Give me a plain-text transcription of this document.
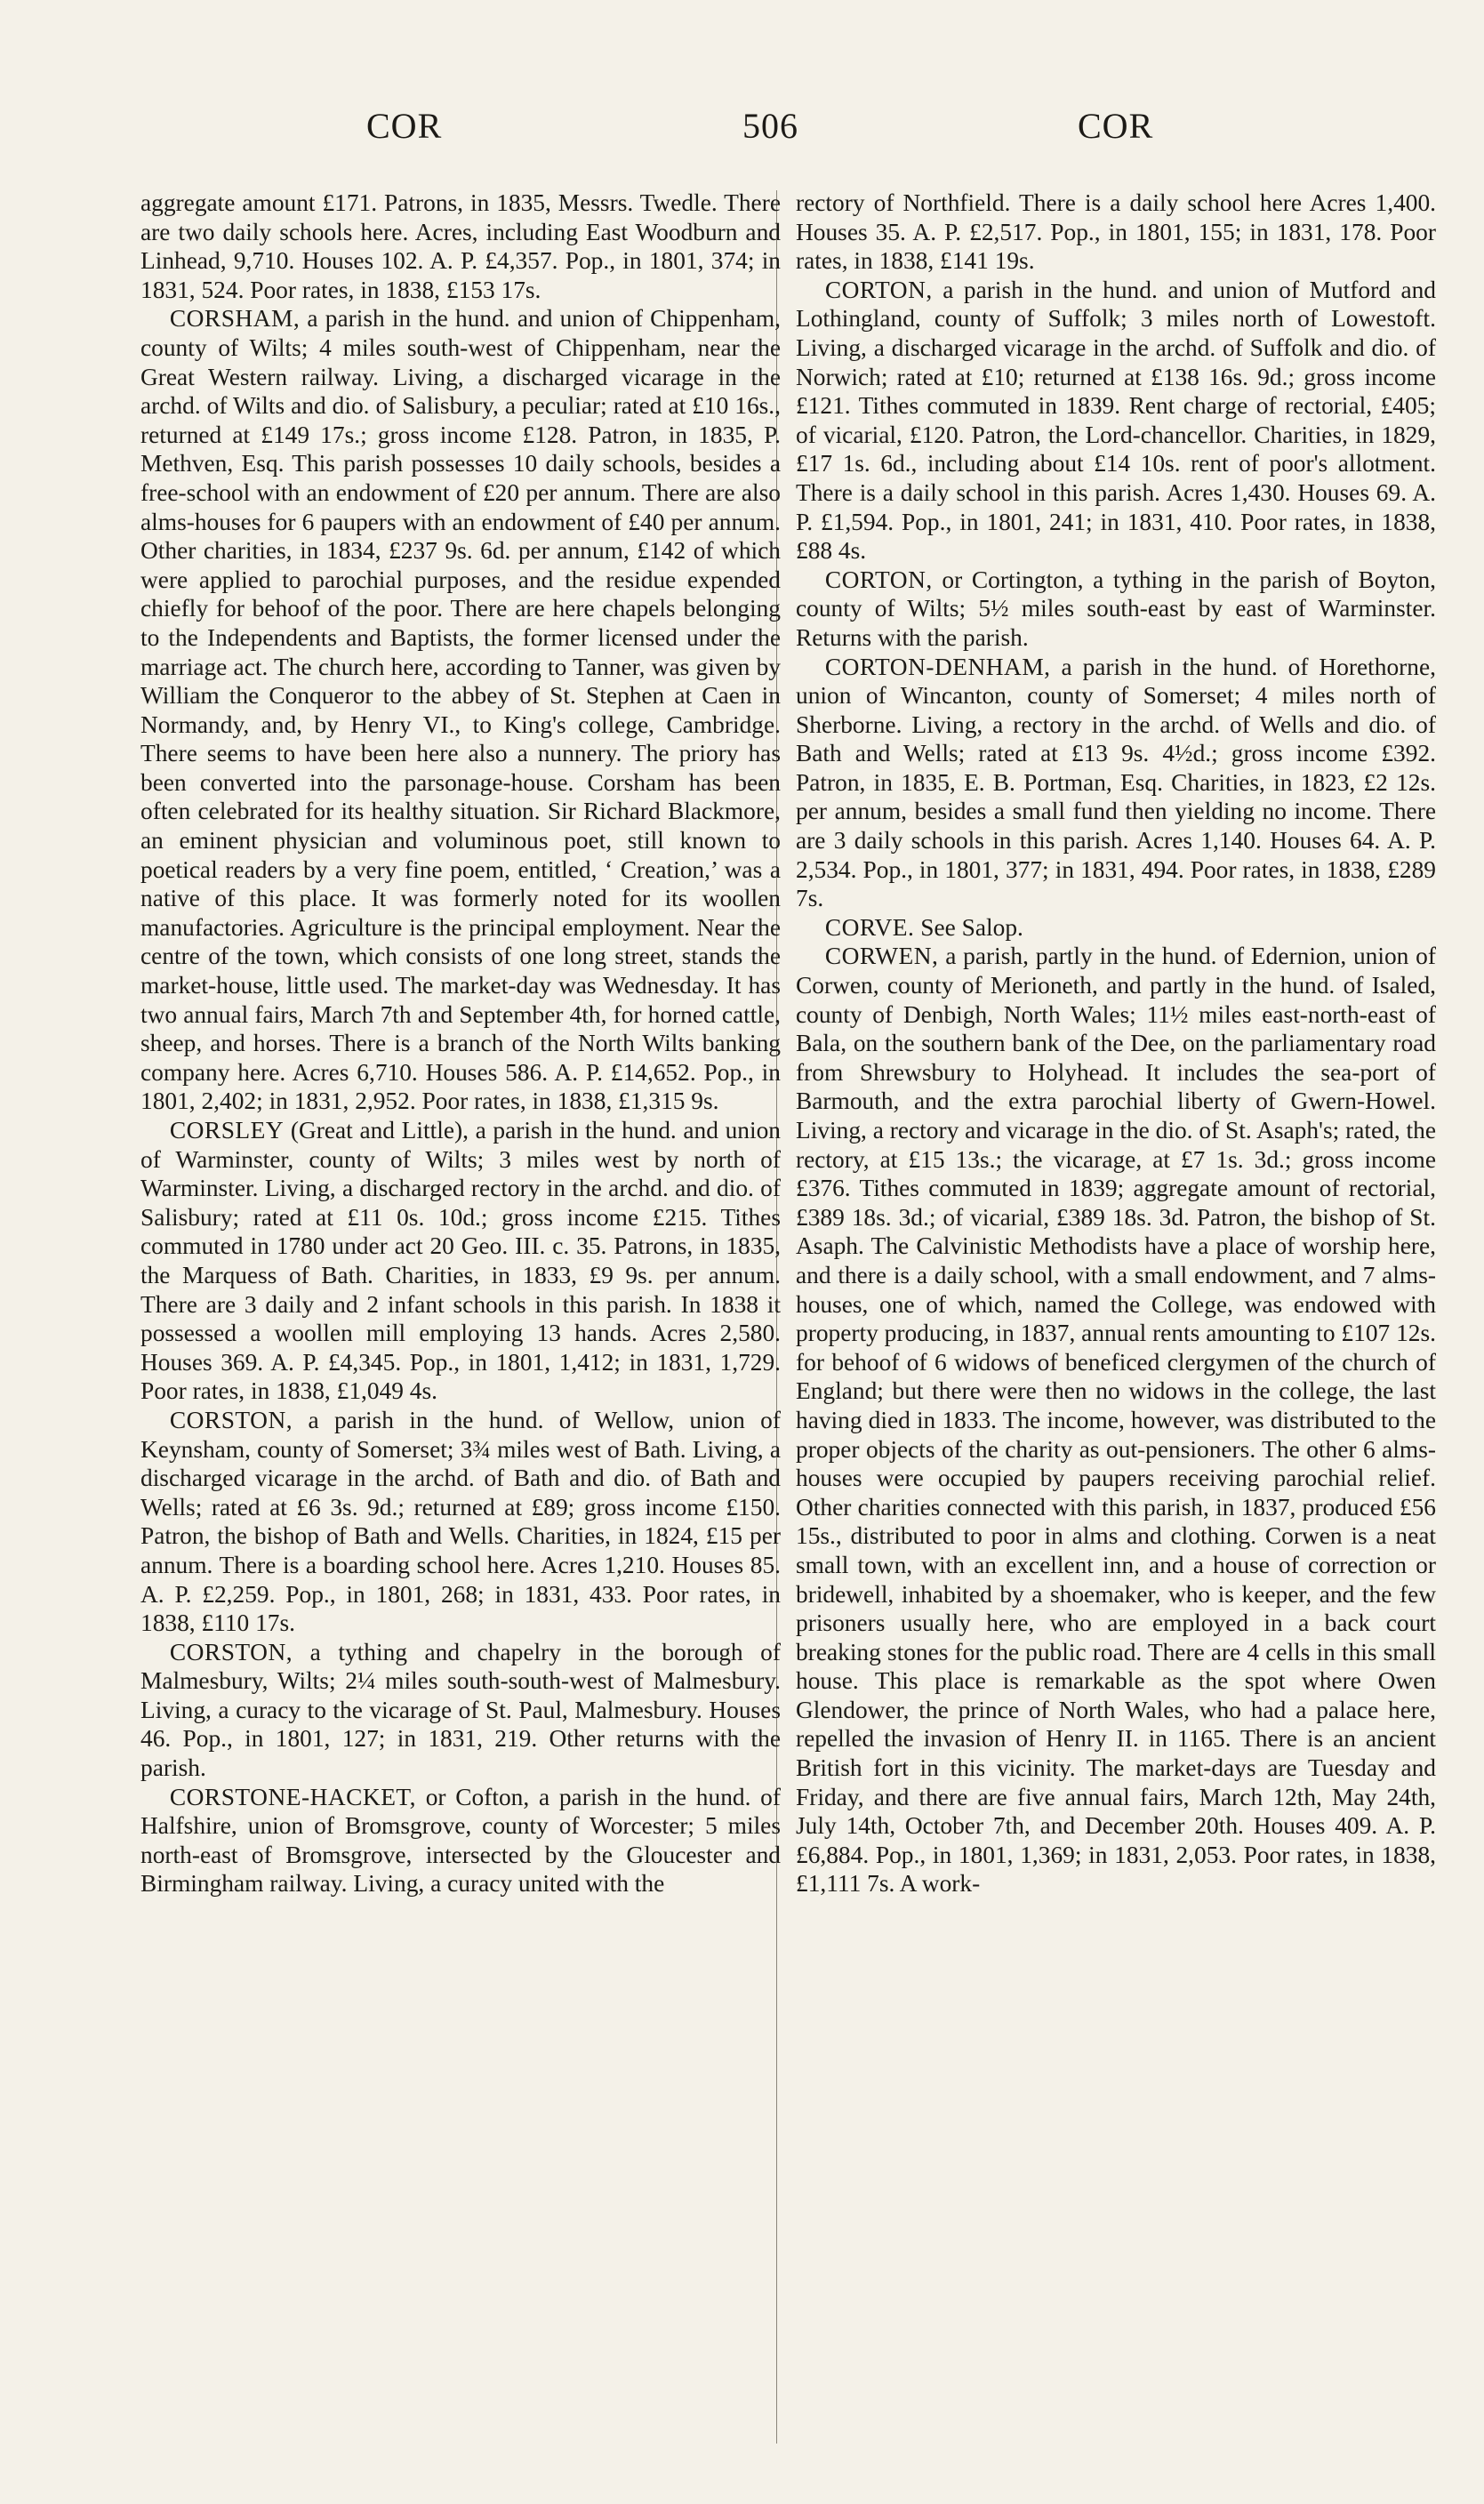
COR	506	COR

aggregate amount £171. Patrons, in 1835, Messrs. Twedle. There are two daily schools here. Acres, including East Woodburn and Linhead, 9,710. Houses 102. A. P. £4,357. Pop., in 1801, 374; in 1831, 524. Poor rates, in 1838, £153 17s.

CORSHAM, a parish in the hund. and union of Chippenham, county of Wilts; 4 miles south-west of Chippenham, near the Great Western railway. Living, a discharged vicarage in the archd. of Wilts and dio. of Salisbury, a peculiar; rated at £10 16s., returned at £149 17s.; gross income £128. Patron, in 1835, P. Methven, Esq. This parish possesses 10 daily schools, besides a free-school with an endowment of £20 per annum. There are also alms-houses for 6 paupers with an endowment of £40 per annum. Other charities, in 1834, £237 9s. 6d. per annum, £142 of which were applied to parochial purposes, and the residue expended chiefly for behoof of the poor. There are here chapels belonging to the Independents and Baptists, the former licensed under the marriage act. The church here, according to Tanner, was given by William the Conqueror to the abbey of St. Stephen at Caen in Normandy, and, by Henry VI., to King's college, Cambridge. There seems to have been here also a nunnery. The priory has been converted into the parsonage-house. Corsham has been often celebrated for its healthy situation. Sir Richard Blackmore, an eminent physician and voluminous poet, still known to poetical readers by a very fine poem, entitled, ‘ Creation,’ was a native of this place. It was formerly noted for its woollen manufactories. Agriculture is the principal employment. Near the centre of the town, which consists of one long street, stands the market-house, little used. The market-day was Wednesday. It has two annual fairs, March 7th and September 4th, for horned cattle, sheep, and horses. There is a branch of the North Wilts banking company here. Acres 6,710. Houses 586. A. P. £14,652. Pop., in 1801, 2,402; in 1831, 2,952. Poor rates, in 1838, £1,315 9s.

CORSLEY (Great and Little), a parish in the hund. and union of Warminster, county of Wilts; 3 miles west by north of Warminster. Living, a discharged rectory in the archd. and dio. of Salisbury; rated at £11 0s. 10d.; gross income £215. Tithes commuted in 1780 under act 20 Geo. III. c. 35. Patrons, in 1835, the Marquess of Bath. Charities, in 1833, £9 9s. per annum. There are 3 daily and 2 infant schools in this parish. In 1838 it possessed a woollen mill employing 13 hands. Acres 2,580. Houses 369. A. P. £4,345. Pop., in 1801, 1,412; in 1831, 1,729. Poor rates, in 1838, £1,049 4s.

CORSTON, a parish in the hund. of Wellow, union of Keynsham, county of Somerset; 3¾ miles west of Bath. Living, a discharged vicarage in the archd. of Bath and dio. of Bath and Wells; rated at £6 3s. 9d.; returned at £89; gross income £150. Patron, the bishop of Bath and Wells. Charities, in 1824, £15 per annum. There is a boarding school here. Acres 1,210. Houses 85. A. P. £2,259. Pop., in 1801, 268; in 1831, 433. Poor rates, in 1838, £110 17s.

CORSTON, a tything and chapelry in the borough of Malmesbury, Wilts; 2¼ miles south-south-west of Malmesbury. Living, a curacy to the vicarage of St. Paul, Malmesbury. Houses 46. Pop., in 1801, 127; in 1831, 219. Other returns with the parish.

CORSTONE-HACKET, or Cofton, a parish in the hund. of Halfshire, union of Bromsgrove, county of Worcester; 5 miles north-east of Bromsgrove, intersected by the Gloucester and Birmingham railway. Living, a curacy united with the

rectory of Northfield. There is a daily school here Acres 1,400. Houses 35. A. P. £2,517. Pop., in 1801, 155; in 1831, 178. Poor rates, in 1838, £141 19s.

CORTON, a parish in the hund. and union of Mutford and Lothingland, county of Suffolk; 3 miles north of Lowestoft. Living, a discharged vicarage in the archd. of Suffolk and dio. of Norwich; rated at £10; returned at £138 16s. 9d.; gross income £121. Tithes commuted in 1839. Rent charge of rectorial, £405; of vicarial, £120. Patron, the Lord-chancellor. Charities, in 1829, £17 1s. 6d., including about £14 10s. rent of poor's allotment. There is a daily school in this parish. Acres 1,430. Houses 69. A. P. £1,594. Pop., in 1801, 241; in 1831, 410. Poor rates, in 1838, £88 4s.

CORTON, or Cortington, a tything in the parish of Boyton, county of Wilts; 5½ miles south-east by east of Warminster. Returns with the parish.

CORTON-DENHAM, a parish in the hund. of Horethorne, union of Wincanton, county of Somerset; 4 miles north of Sherborne. Living, a rectory in the archd. of Wells and dio. of Bath and Wells; rated at £13 9s. 4½d.; gross income £392. Patron, in 1835, E. B. Portman, Esq. Charities, in 1823, £2 12s. per annum, besides a small fund then yielding no income. There are 3 daily schools in this parish. Acres 1,140. Houses 64. A. P. 2,534. Pop., in 1801, 377; in 1831, 494. Poor rates, in 1838, £289 7s.

CORVE. See Salop.

CORWEN, a parish, partly in the hund. of Edernion, union of Corwen, county of Merioneth, and partly in the hund. of Isaled, county of Denbigh, North Wales; 11½ miles east-north-east of Bala, on the southern bank of the Dee, on the parliamentary road from Shrewsbury to Holyhead. It includes the sea-port of Barmouth, and the extra parochial liberty of Gwern-Howel. Living, a rectory and vicarage in the dio. of St. Asaph's; rated, the rectory, at £15 13s.; the vicarage, at £7 1s. 3d.; gross income £376. Tithes commuted in 1839; aggregate amount of rectorial, £389 18s. 3d.; of vicarial, £389 18s. 3d. Patron, the bishop of St. Asaph. The Calvinistic Methodists have a place of worship here, and there is a daily school, with a small endowment, and 7 alms-houses, one of which, named the College, was endowed with property producing, in 1837, annual rents amounting to £107 12s. for behoof of 6 widows of beneficed clergymen of the church of England; but there were then no widows in the college, the last having died in 1833. The income, however, was distributed to the proper objects of the charity as out-pensioners. The other 6 alms-houses were occupied by paupers receiving parochial relief. Other charities connected with this parish, in 1837, produced £56 15s., distributed to poor in alms and clothing. Corwen is a neat small town, with an excellent inn, and a house of correction or bridewell, inhabited by a shoemaker, who is keeper, and the few prisoners usually here, who are employed in a back court breaking stones for the public road. There are 4 cells in this small house. This place is remarkable as the spot where Owen Glendower, the prince of North Wales, who had a palace here, repelled the invasion of Henry II. in 1165. There is an ancient British fort in this vicinity. The market-days are Tuesday and Friday, and there are five annual fairs, March 12th, May 24th, July 14th, October 7th, and December 20th. Houses 409. A. P. £6,884. Pop., in 1801, 1,369; in 1831, 2,053. Poor rates, in 1838, £1,111 7s. A work-
